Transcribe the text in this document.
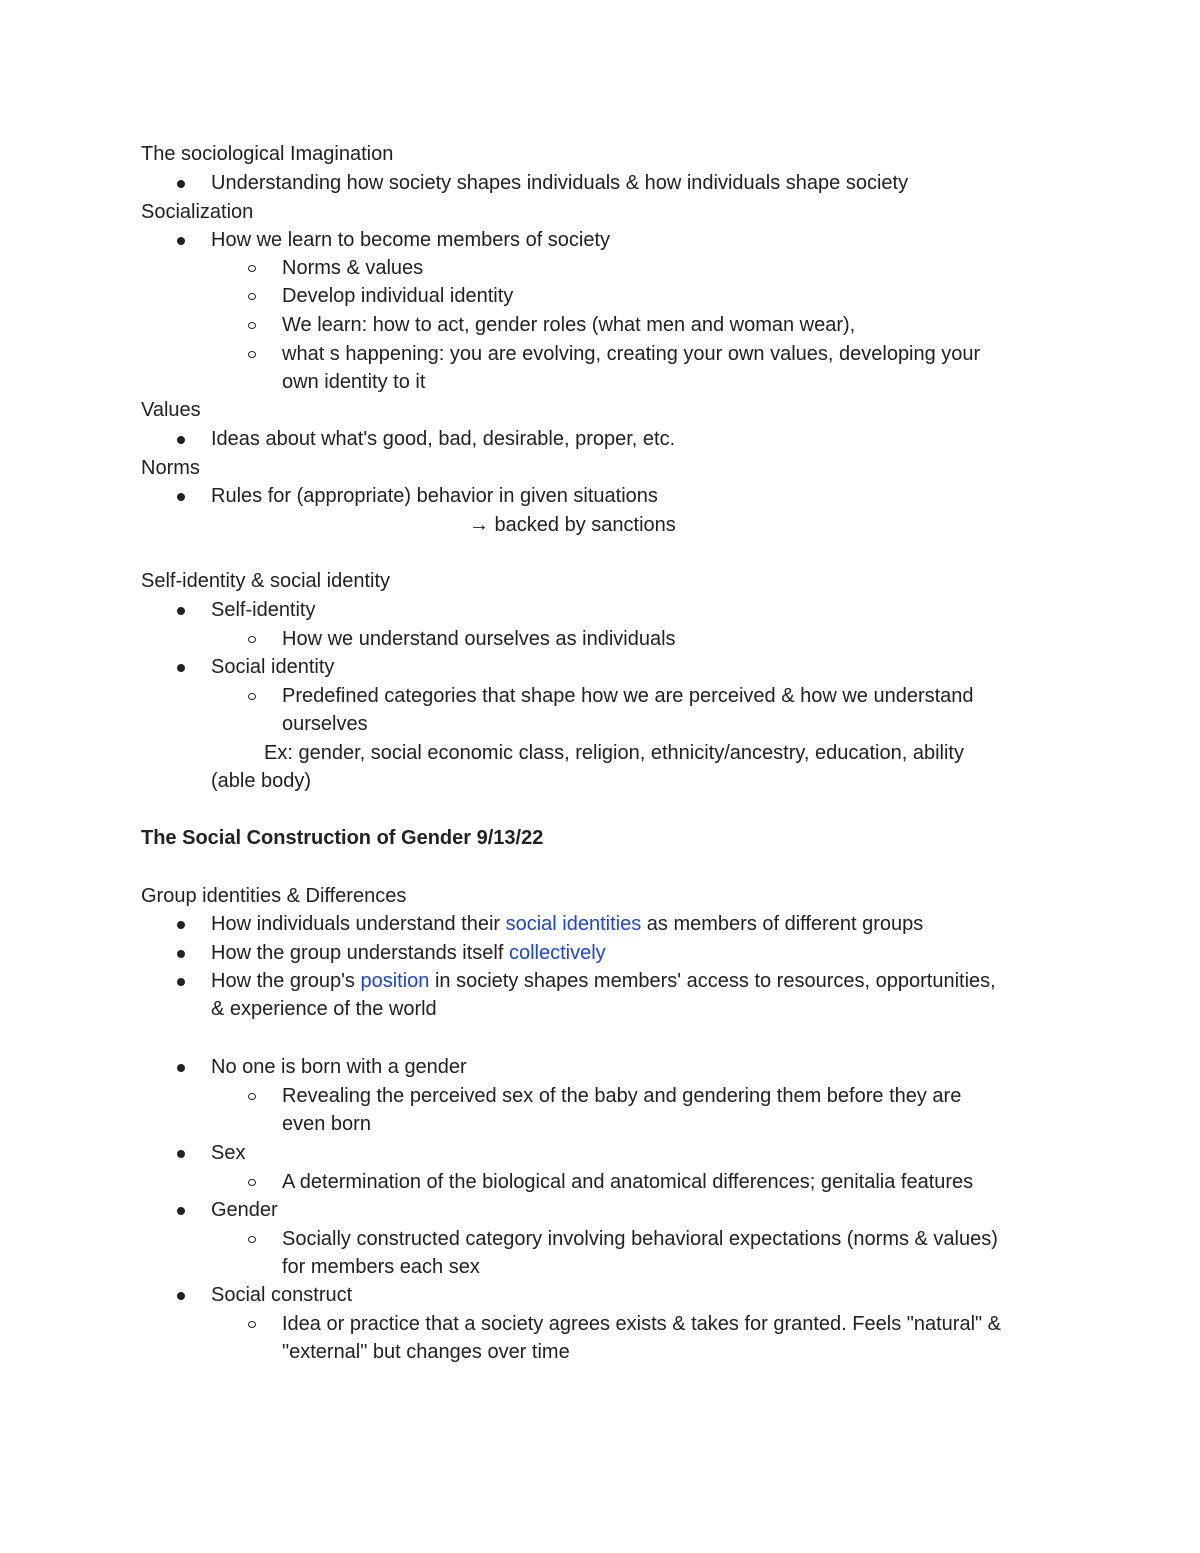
The sociological Imagination
Understanding how society shapes individuals & how individuals shape society
Socialization
How we learn to become members of society
Norms & values
Develop individual identity
We learn: how to act, gender roles (what men and woman wear),
what s happening: you are evolving, creating your own values, developing your
own identity to it
Values
Ideas about what's good, bad, desirable, proper, etc.
Norms
Rules for (appropriate) behavior in given situations
→ backed by sanctions
Self-identity & social identity
Self-identity
How we understand ourselves as individuals
Social identity
Predefined categories that shape how we are perceived & how we understand
ourselves
Ex: gender, social economic class, religion, ethnicity/ancestry, education, ability
(able body)
The Social Construction of Gender 9/13/22
Group identities & Differences
How individuals understand their social identities as members of different groups
How the group understands itself collectively
How the group's position in society shapes members' access to resources, opportunities,
& experience of the world
No one is born with a gender
Revealing the perceived sex of the baby and gendering them before they are
even born
Sex
A determination of the biological and anatomical differences; genitalia features
Gender
Socially constructed category involving behavioral expectations (norms & values)
for members each sex
Social construct
Idea or practice that a society agrees exists & takes for granted. Feels "natural" &
"external" but changes over time
